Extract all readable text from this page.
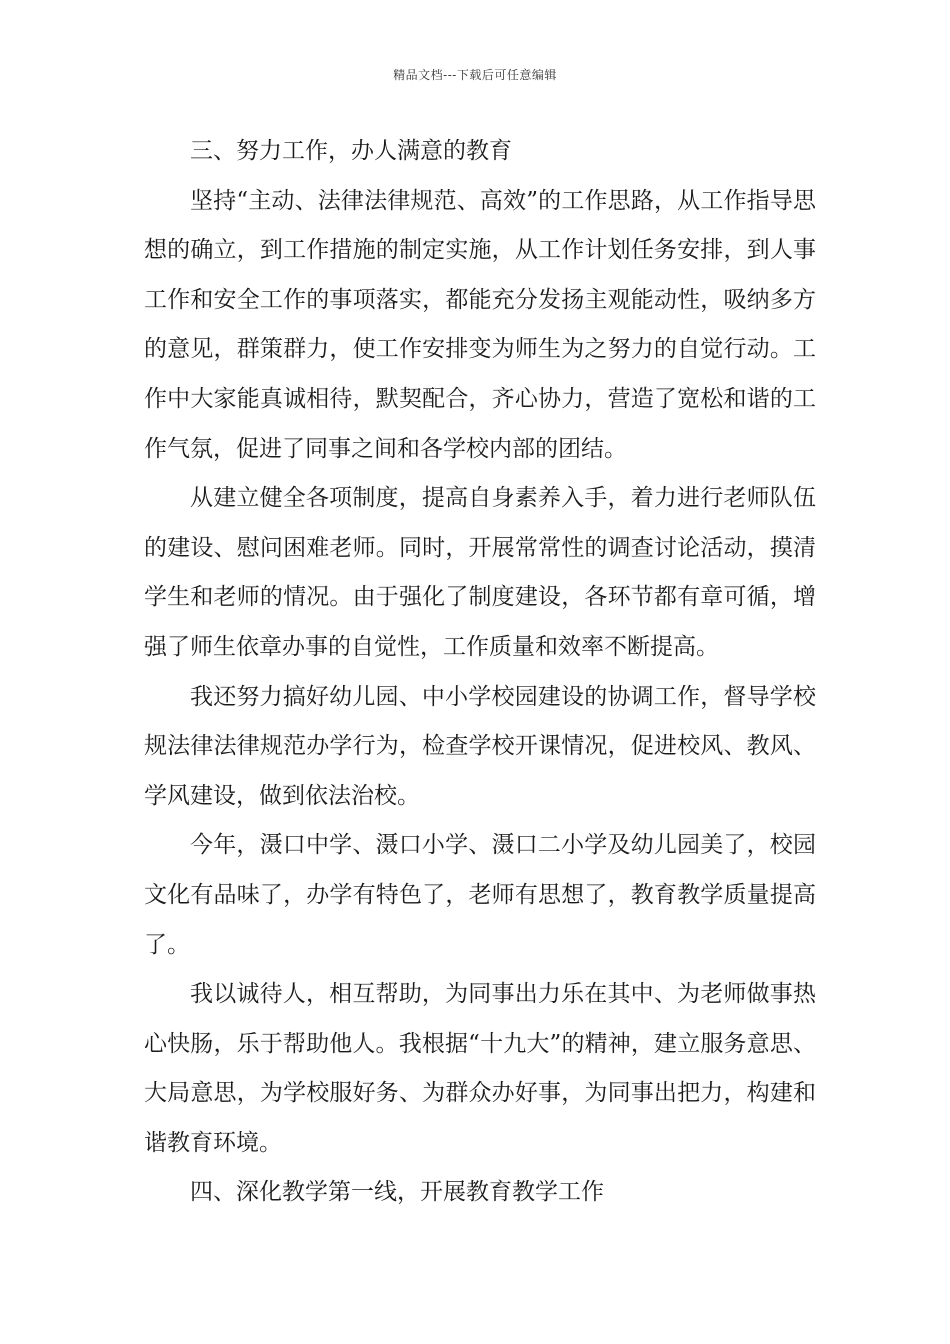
精品文档---下载后可任意编辑

三、努力工作，办人满意的教育

坚持“主动、法律法律规范、高效”的工作思路，从工作指导思想的确立，到工作措施的制定实施，从工作计划任务安排，到人事工作和安全工作的事项落实，都能充分发扬主观能动性，吸纳多方的意见，群策群力，使工作安排变为师生为之努力的自觉行动。工作中大家能真诚相待，默契配合，齐心协力，营造了宽松和谐的工作气氛，促进了同事之间和各学校内部的团结。

从建立健全各项制度，提高自身素养入手，着力进行老师队伍的建设、慰问困难老师。同时，开展常常性的调查讨论活动，摸清学生和老师的情况。由于强化了制度建设，各环节都有章可循，增强了师生依章办事的自觉性，工作质量和效率不断提高。

我还努力搞好幼儿园、中小学校园建设的协调工作，督导学校规法律法律规范办学行为，检查学校开课情况，促进校风、教风、学风建设，做到依法治校。

今年，滠口中学、滠口小学、滠口二小学及幼儿园美了，校园文化有品味了，办学有特色了，老师有思想了，教育教学质量提高了。

我以诚待人，相互帮助，为同事出力乐在其中、为老师做事热心快肠，乐于帮助他人。我根据“十九大”的精神，建立服务意思、大局意思，为学校服好务、为群众办好事，为同事出把力，构建和谐教育环境。

四、深化教学第一线，开展教育教学工作
